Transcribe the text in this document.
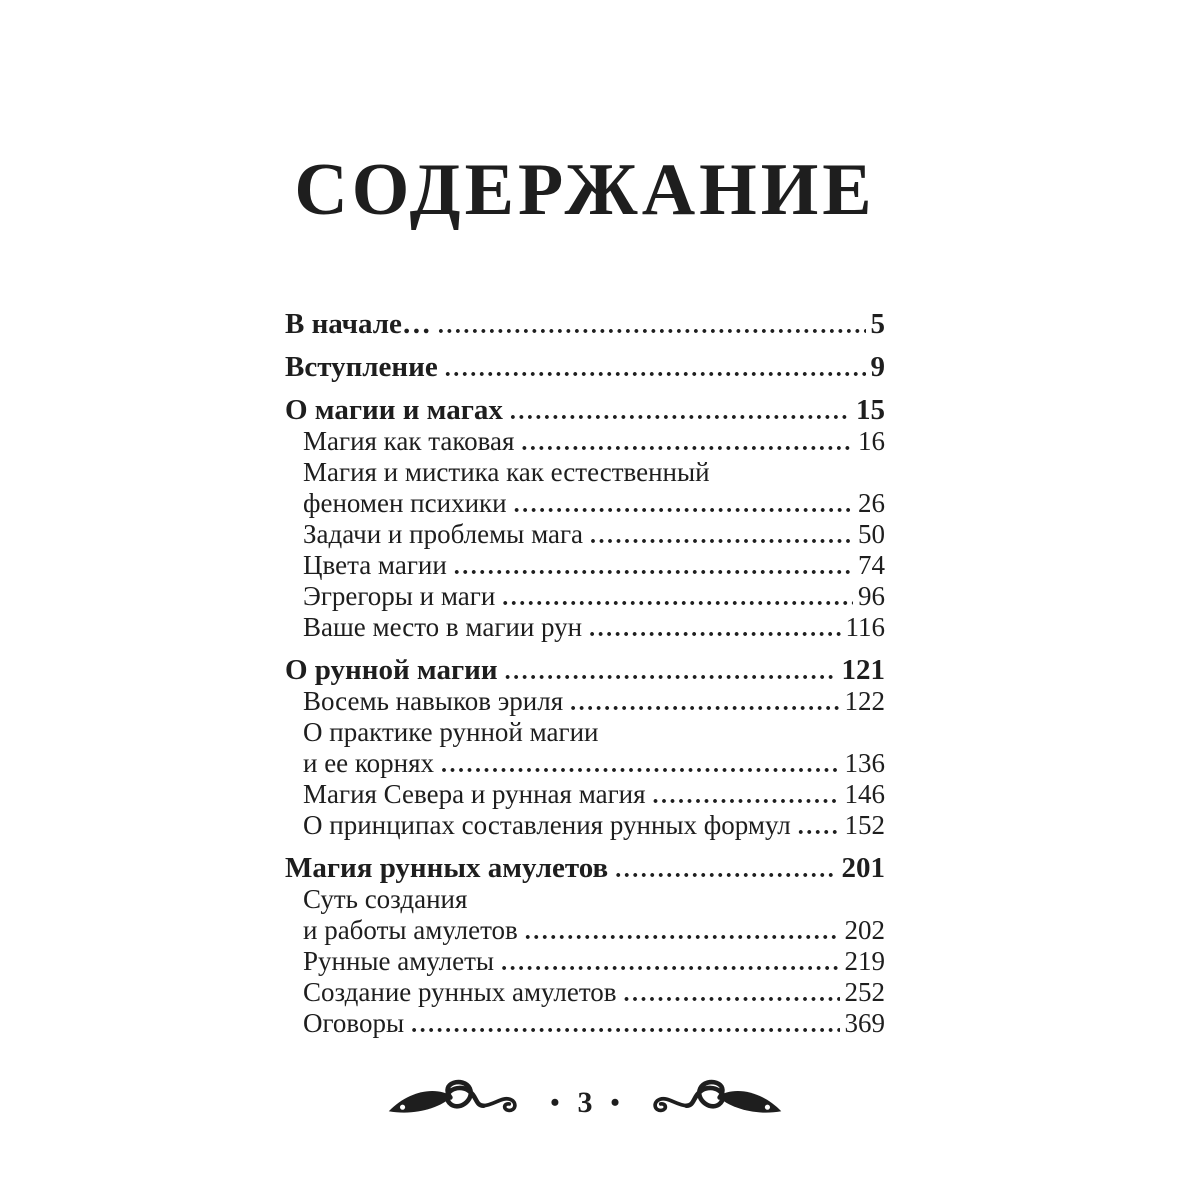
СОДЕРЖАНИЕ
В начале… .....	5
Вступление .....	9
О магии и магах .....	15
Магия как таковая .....	16
Магия и мистика как естественный
феномен психики .....	26
Задачи и проблемы мага .....	50
Цвета магии .....	74
Эгрегоры и маги .....	96
Ваше место в магии рун .....	116
О рунной магии .....	121
Восемь навыков эриля .....	122
О практике рунной магии
и ее корнях .....	136
Магия Севера и рунная магия .....	146
О принципах составления рунных формул ..... 152
Магия рунных амулетов .....	201
Суть создания
и работы амулетов .....	202
Рунные амулеты .....	219
Создание рунных амулетов .....	252
Оговоры .....	369
• 3 •
